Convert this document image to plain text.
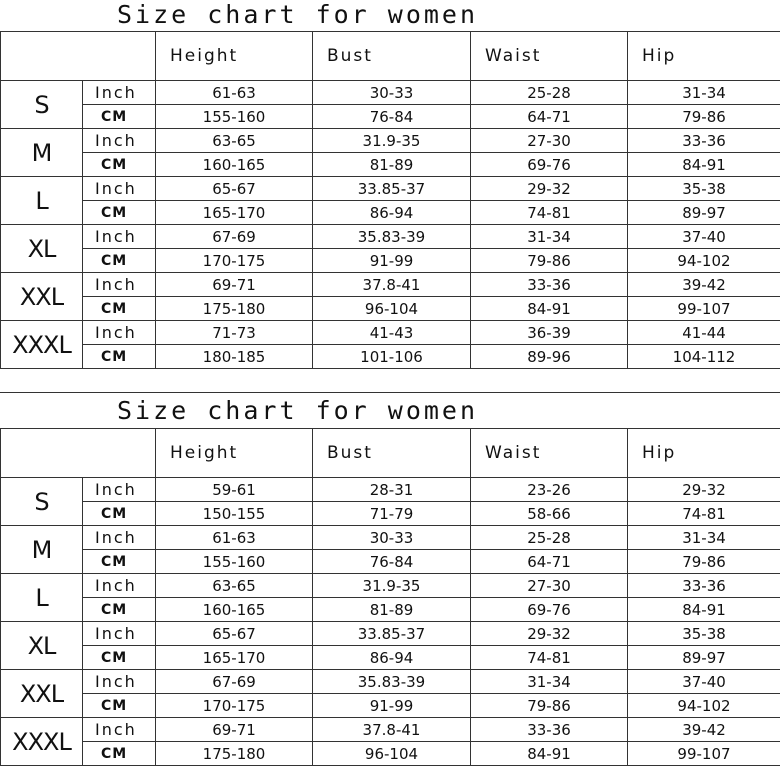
Size chart for women
		Height	Bust	Waist	Hip
S	Inch	61-63	30-33	25-28	31-34
	CM	155-160	76-84	64-71	79-86
M	Inch	63-65	31.9-35	27-30	33-36
	CM	160-165	81-89	69-76	84-91
L	Inch	65-67	33.85-37	29-32	35-38
	CM	165-170	86-94	74-81	89-97
XL	Inch	67-69	35.83-39	31-34	37-40
	CM	170-175	91-99	79-86	94-102
XXL	Inch	69-71	37.8-41	33-36	39-42
	CM	175-180	96-104	84-91	99-107
XXXL	Inch	71-73	41-43	36-39	41-44
	CM	180-185	101-106	89-96	104-112
Size chart for women
		Height	Bust	Waist	Hip
S	Inch	59-61	28-31	23-26	29-32
	CM	150-155	71-79	58-66	74-81
M	Inch	61-63	30-33	25-28	31-34
	CM	155-160	76-84	64-71	79-86
L	Inch	63-65	31.9-35	27-30	33-36
	CM	160-165	81-89	69-76	84-91
XL	Inch	65-67	33.85-37	29-32	35-38
	CM	165-170	86-94	74-81	89-97
XXL	Inch	67-69	35.83-39	31-34	37-40
	CM	170-175	91-99	79-86	94-102
XXXL	Inch	69-71	37.8-41	33-36	39-42
	CM	175-180	96-104	84-91	99-107
